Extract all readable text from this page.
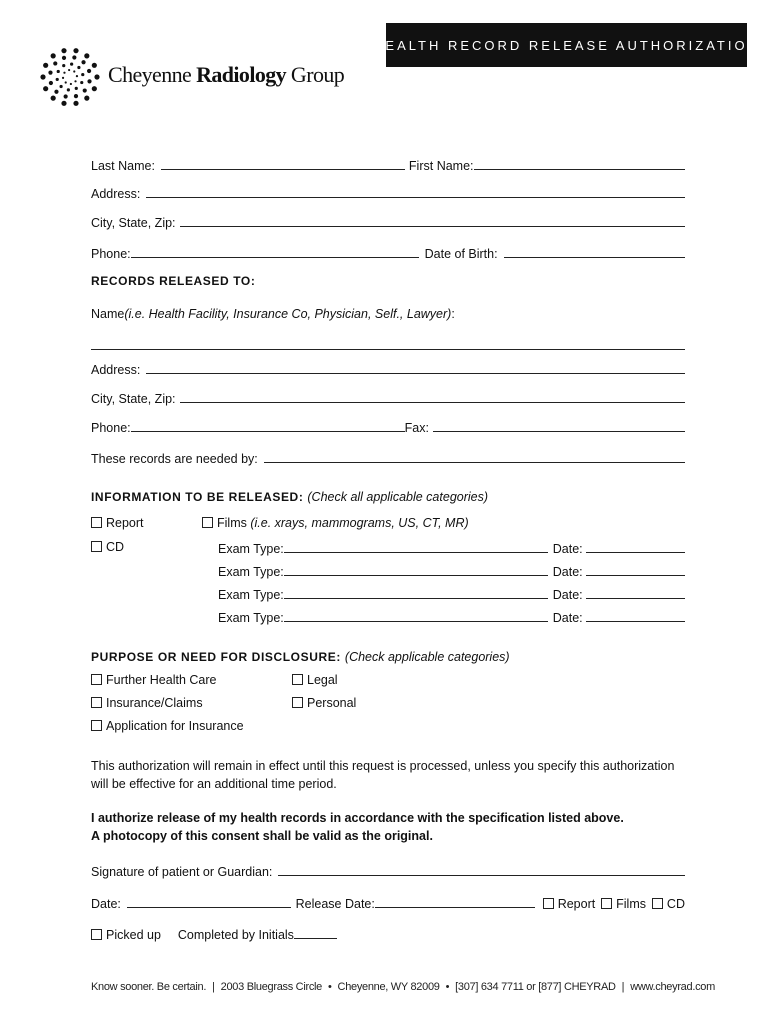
Cheyenne Radiology Group
HEALTH RECORD RELEASE AUTHORIZATION
Last Name:	First Name:
Address:
City, State, Zip:
Phone:	Date of Birth:
RECORDS RELEASED TO:
Name (i.e. Health Facility, Insurance Co, Physician, Self., Lawyer) :
Address:
City, State, Zip:
Phone:	Fax:
These records are needed by:
INFORMATION TO BE RELEASED: (Check all applicable categories)
Report	Films (i.e. xrays, mammograms, US, CT, MR)
CD	Exam Type:	Date:
Exam Type:	Date:
Exam Type:	Date:
Exam Type:	Date:
PURPOSE OR NEED FOR DISCLOSURE: (Check applicable categories)
Further Health Care	Legal
Insurance/Claims	Personal
Application for Insurance
This authorization will remain in effect until this request is processed, unless you specify this authorization will be effective for an additional time period.
I authorize release of my health records in accordance with the specification listed above.
A photocopy of this consent shall be valid as the original.
Signature of patient or Guardian:
Date:	Release Date:	Report	Films	CD
Picked up Completed by Initials
Know sooner. Be certain. | 2003 Bluegrass Circle • Cheyenne, WY 82009 • [307] 634 7711 or [877] CHEYRAD | www.cheyrad.com
